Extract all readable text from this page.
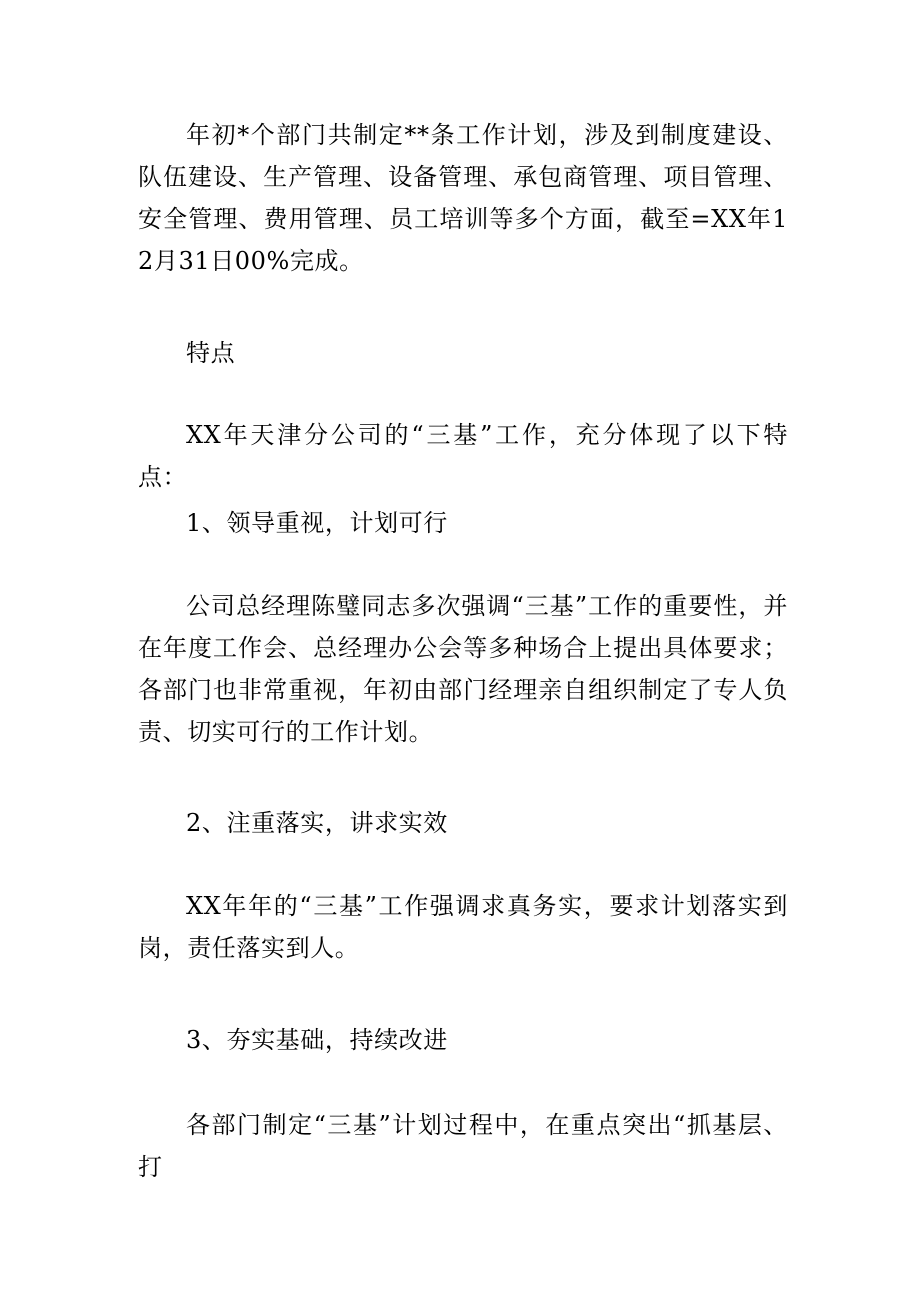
年初*个部门共制定**条工作计划，涉及到制度建设、队伍建设、生产管理、设备管理、承包商管理、项目管理、安全管理、费用管理、员工培训等多个方面，截至=XX年12月31日00%完成。

特点

XX年天津分公司的“三基”工作，充分体现了以下特点：

1、领导重视，计划可行

公司总经理陈璧同志多次强调“三基”工作的重要性，并在年度工作会、总经理办公会等多种场合上提出具体要求；各部门也非常重视，年初由部门经理亲自组织制定了专人负责、切实可行的工作计划。

2、注重落实，讲求实效

XX年年的“三基”工作强调求真务实，要求计划落实到岗，责任落实到人。

3、夯实基础，持续改进

各部门制定“三基”计划过程中，在重点突出“抓基层、打
